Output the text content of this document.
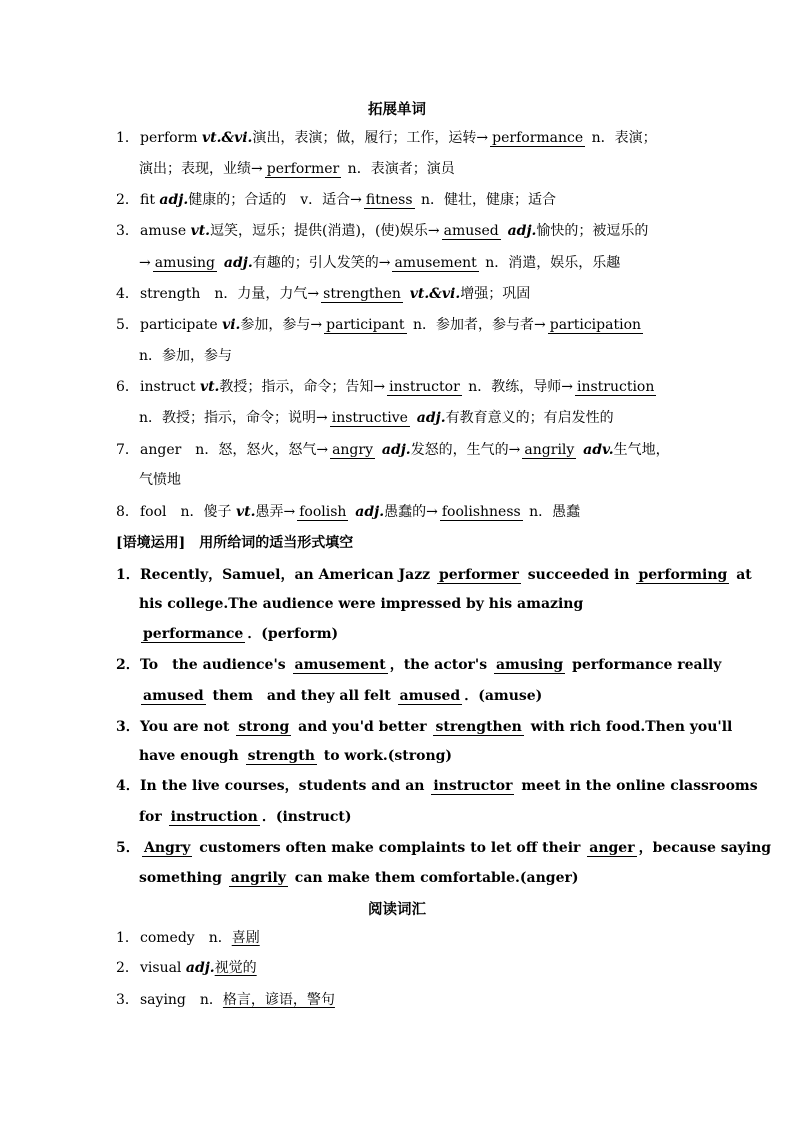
拓展单词
1．perform vt.&vi.演出，表演；做，履行；工作，运转→ performance n．表演；
演出；表现，业绩→ performer n．表演者；演员
2．fit adj.健康的；合适的　v．适合→ fitness n．健壮，健康；适合
3．amuse vt.逗笑，逗乐；提供(消遣)，(使)娱乐→ amused adj.愉快的；被逗乐的
→ amusing adj.有趣的；引人发笑的→ amusement n．消遣，娱乐，乐趣
4．strength　n．力量，力气→ strengthen vt.&vi.增强；巩固
5．participate vi.参加，参与→ participant n．参加者，参与者→ participation
n．参加，参与
6．instruct vt.教授；指示，命令；告知→ instructor n．教练，导师→ instruction
n．教授；指示，命令；说明→ instructive adj.有教育意义的；有启发性的
7．anger　n．怒，怒火，怒气→ angry adj.发怒的，生气的→ angrily adv.生气地，
气愤地
8．fool　n．傻子 vt.愚弄→ foolish adj.愚蠢的→ foolishness n．愚蠢
[语境运用]　用所给词的适当形式填空
1．Recently，Samuel，an American Jazz performer succeeded in performing at
his college.The audience were impressed by his amazing
performance ．(perform)
2．To　the audience's amusement ，the actor's amusing performance really
amused them　and they all felt amused ．(amuse)
3．You are not strong and you'd better strengthen with rich food.Then you'll
have enough strength to work.(strong)
4．In the live courses，students and an instructor meet in the online classrooms
for instruction ．(instruct)
5． Angry customers often make complaints to let off their anger ，because saying
something angrily can make them comfortable.(anger)
阅读词汇
1．comedy　n．喜剧
2．visual adj.视觉的
3．saying　n．格言，谚语，警句
